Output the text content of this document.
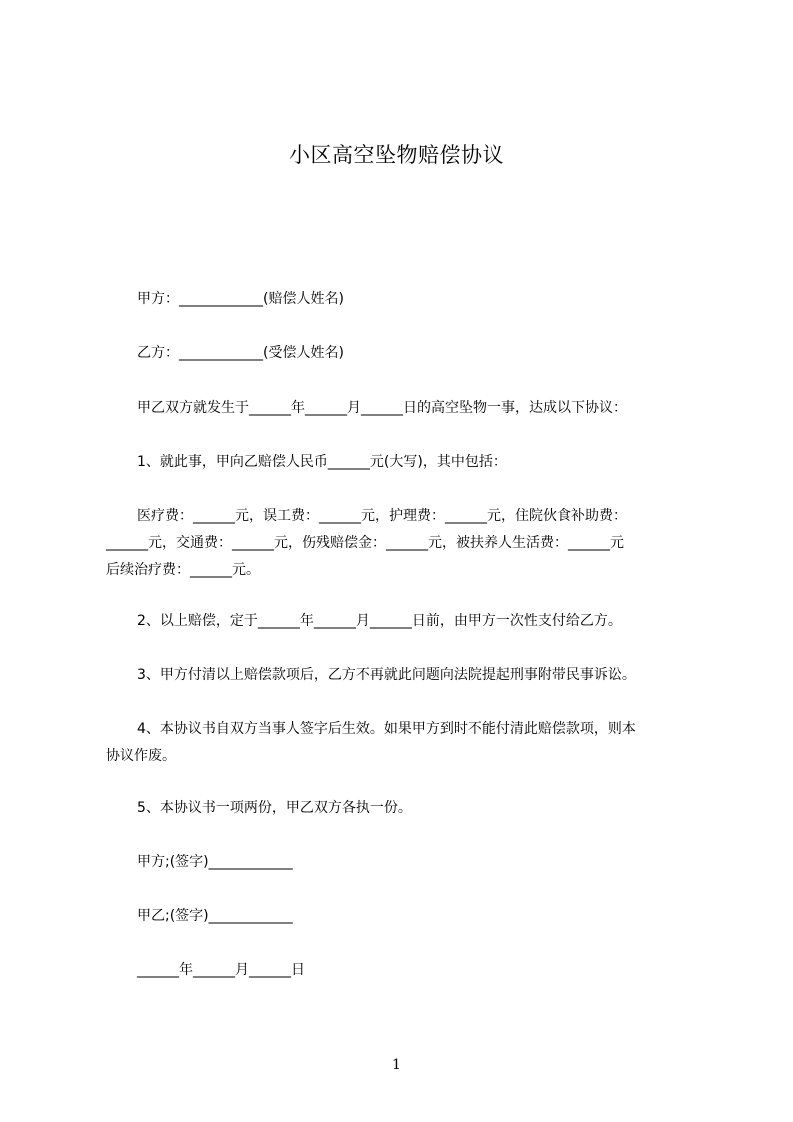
小区高空坠物赔偿协议
甲方：____________(赔偿人姓名)
乙方：____________(受偿人姓名)
甲乙双方就发生于______年______月______日的高空坠物一事，达成以下协议：
1、就此事，甲向乙赔偿人民币______元(大写)，其中包括：
医疗费：______元，误工费：______元，护理费：______元，住院伙食补助费：
______元，交通费：______元，伤残赔偿金：______元，被扶养人生活费：______元
后续治疗费：______元。
2、以上赔偿，定于______年______月______日前，由甲方一次性支付给乙方。
3、甲方付清以上赔偿款项后，乙方不再就此问题向法院提起刑事附带民事诉讼。
4、本协议书自双方当事人签字后生效。如果甲方到时不能付清此赔偿款项，则本
协议作废。
5、本协议书一项两份，甲乙双方各执一份。
甲方;(签字)____________
甲乙;(签字)____________
______年______月______日
1
